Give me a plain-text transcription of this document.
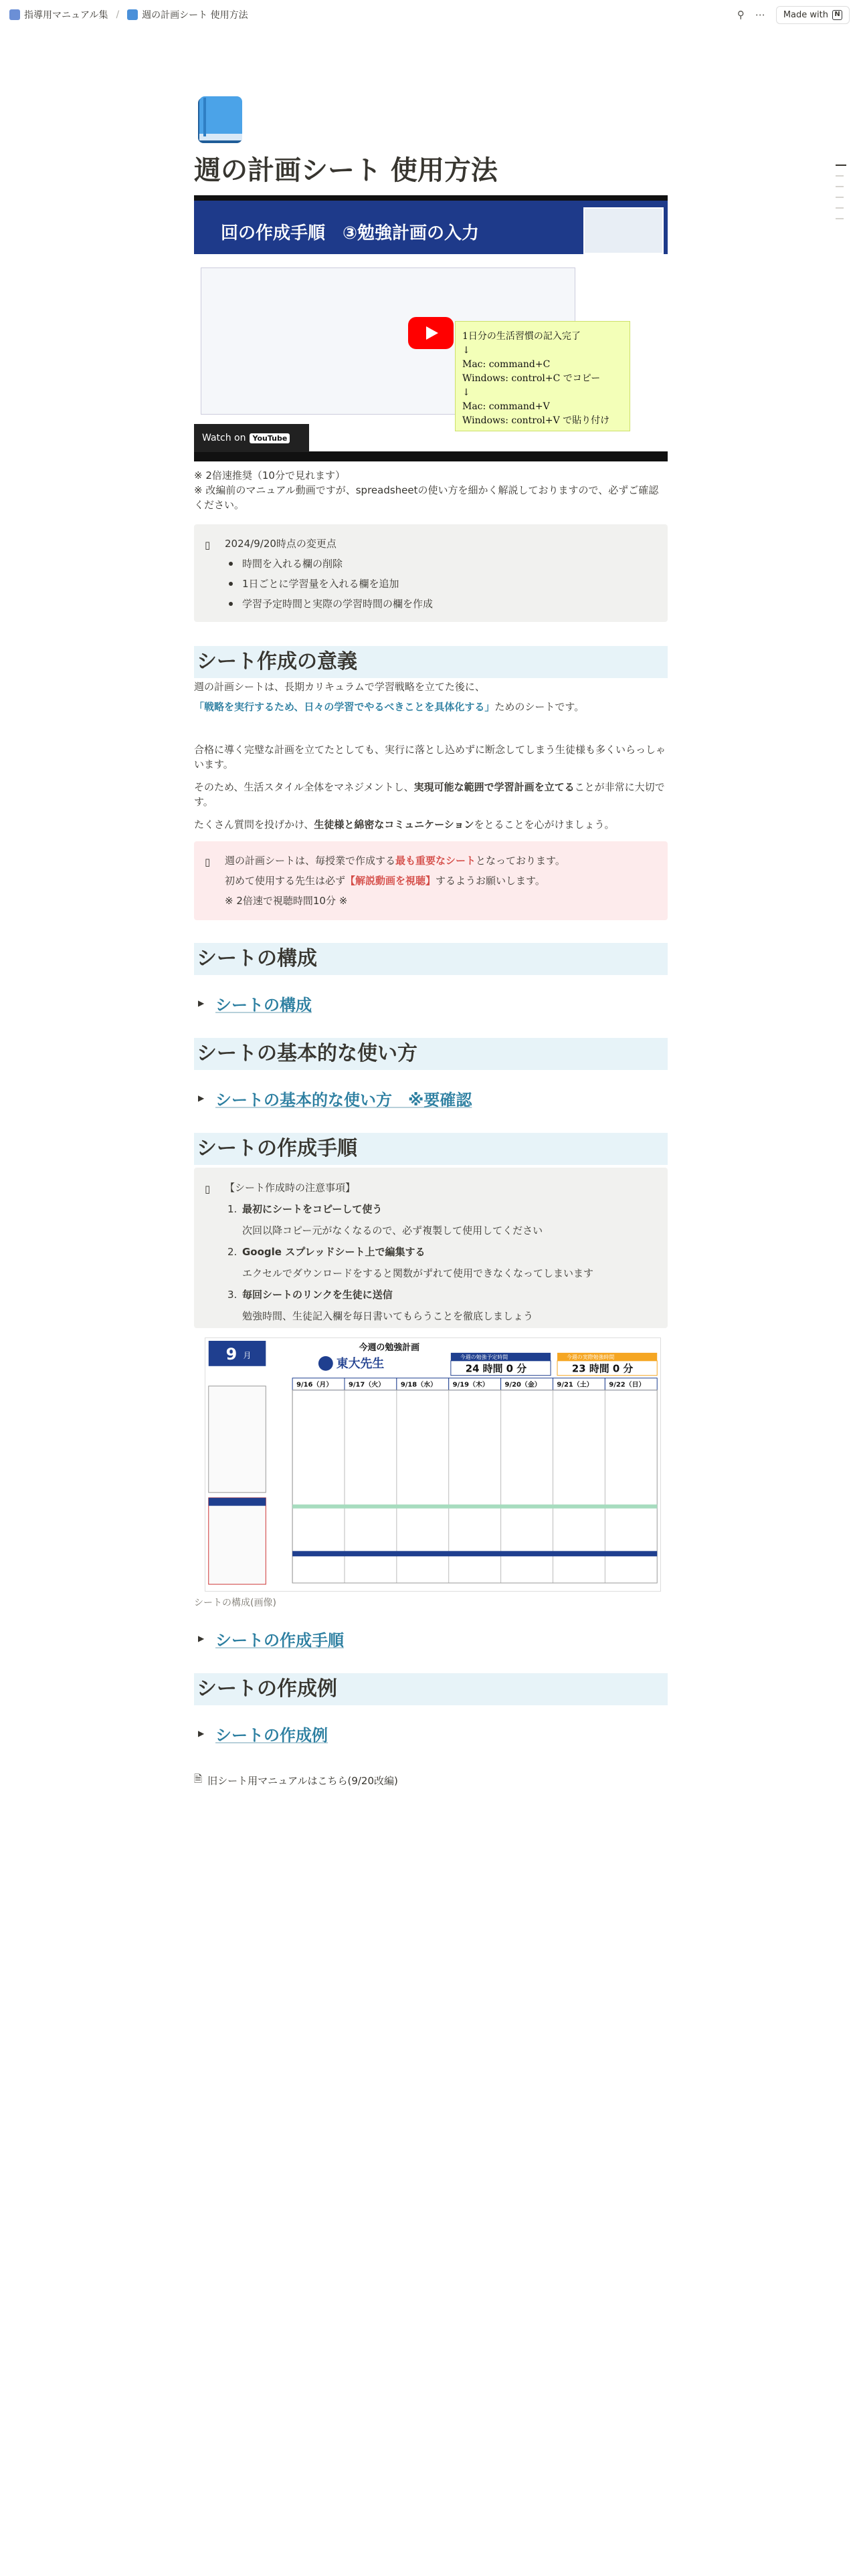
指導用マニュアル集 / 週の計画シート 使用方法	⚲ ⋯ Made with N
週の計画シート 使用方法
回の作成手順　③勉強計画の入力
1日分の生活習慣の記入完了
↓
Mac: command+C
Windows: control+C でコピー
↓
Mac: command+V
Windows: control+V で貼り付け
Watch on YouTube
※ 2倍速推奨（10分で見れます）
※ 改編前のマニュアル動画ですが、spreadsheetの使い方を細かく解説しておりますので、必ずご確認ください。
▯ 2024/9/20時点の変更点
時間を入れる欄の削除
1日ごとに学習量を入れる欄を追加
学習予定時間と実際の学習時間の欄を作成
シート作成の意義
週の計画シートは、長期カリキュラムで学習戦略を立てた後に、
「戦略を実行するため、日々の学習でやるべきことを具体化する」ためのシートです。
合格に導く完璧な計画を立てたとしても、実行に落とし込めずに断念してしまう生徒様も多くいらっしゃいます。
そのため、生活スタイル全体をマネジメントし、実現可能な範囲で学習計画を立てることが非常に大切です。
たくさん質問を投げかけ、生徒様と綿密なコミュニケーションをとることを心がけましょう。
▯ 週の計画シートは、毎授業で作成する最も重要なシートとなっております。
初めて使用する先生は必ず【解説動画を視聴】するようお願いします。
※ 2倍速で視聴時間10分 ※
シートの構成
▶ シートの構成
シートの基本的な使い方
▶ シートの基本的な使い方　※要確認
シートの作成手順
▯ 【シート作成時の注意事項】
1. 最初にシートをコピーして使う
次回以降コピー元がなくなるので、必ず複製して使用してください
2. Google スプレッドシート上で編集する
エクセルでダウンロードをすると関数がずれて使用できなくなってしまいます
3. 毎回シートのリンクを生徒に送信
勉強時間、生徒記入欄を毎日書いてもらうことを徹底しましょう
9 月
今週の勉強計画
東大先生	今週の勉強予定時間
24 時間 0 分
今週の実際勉強時間
23 時間 0 分
9/16（月） 9/17（火） 9/18（水） 9/19（木） 9/20（金） 9/21（土） 9/22（日）
シートの構成(画像)
▶ シートの作成手順
シートの作成例
▶ シートの作成例
🗎 旧シート用マニュアルはこちら(9/20改編)
